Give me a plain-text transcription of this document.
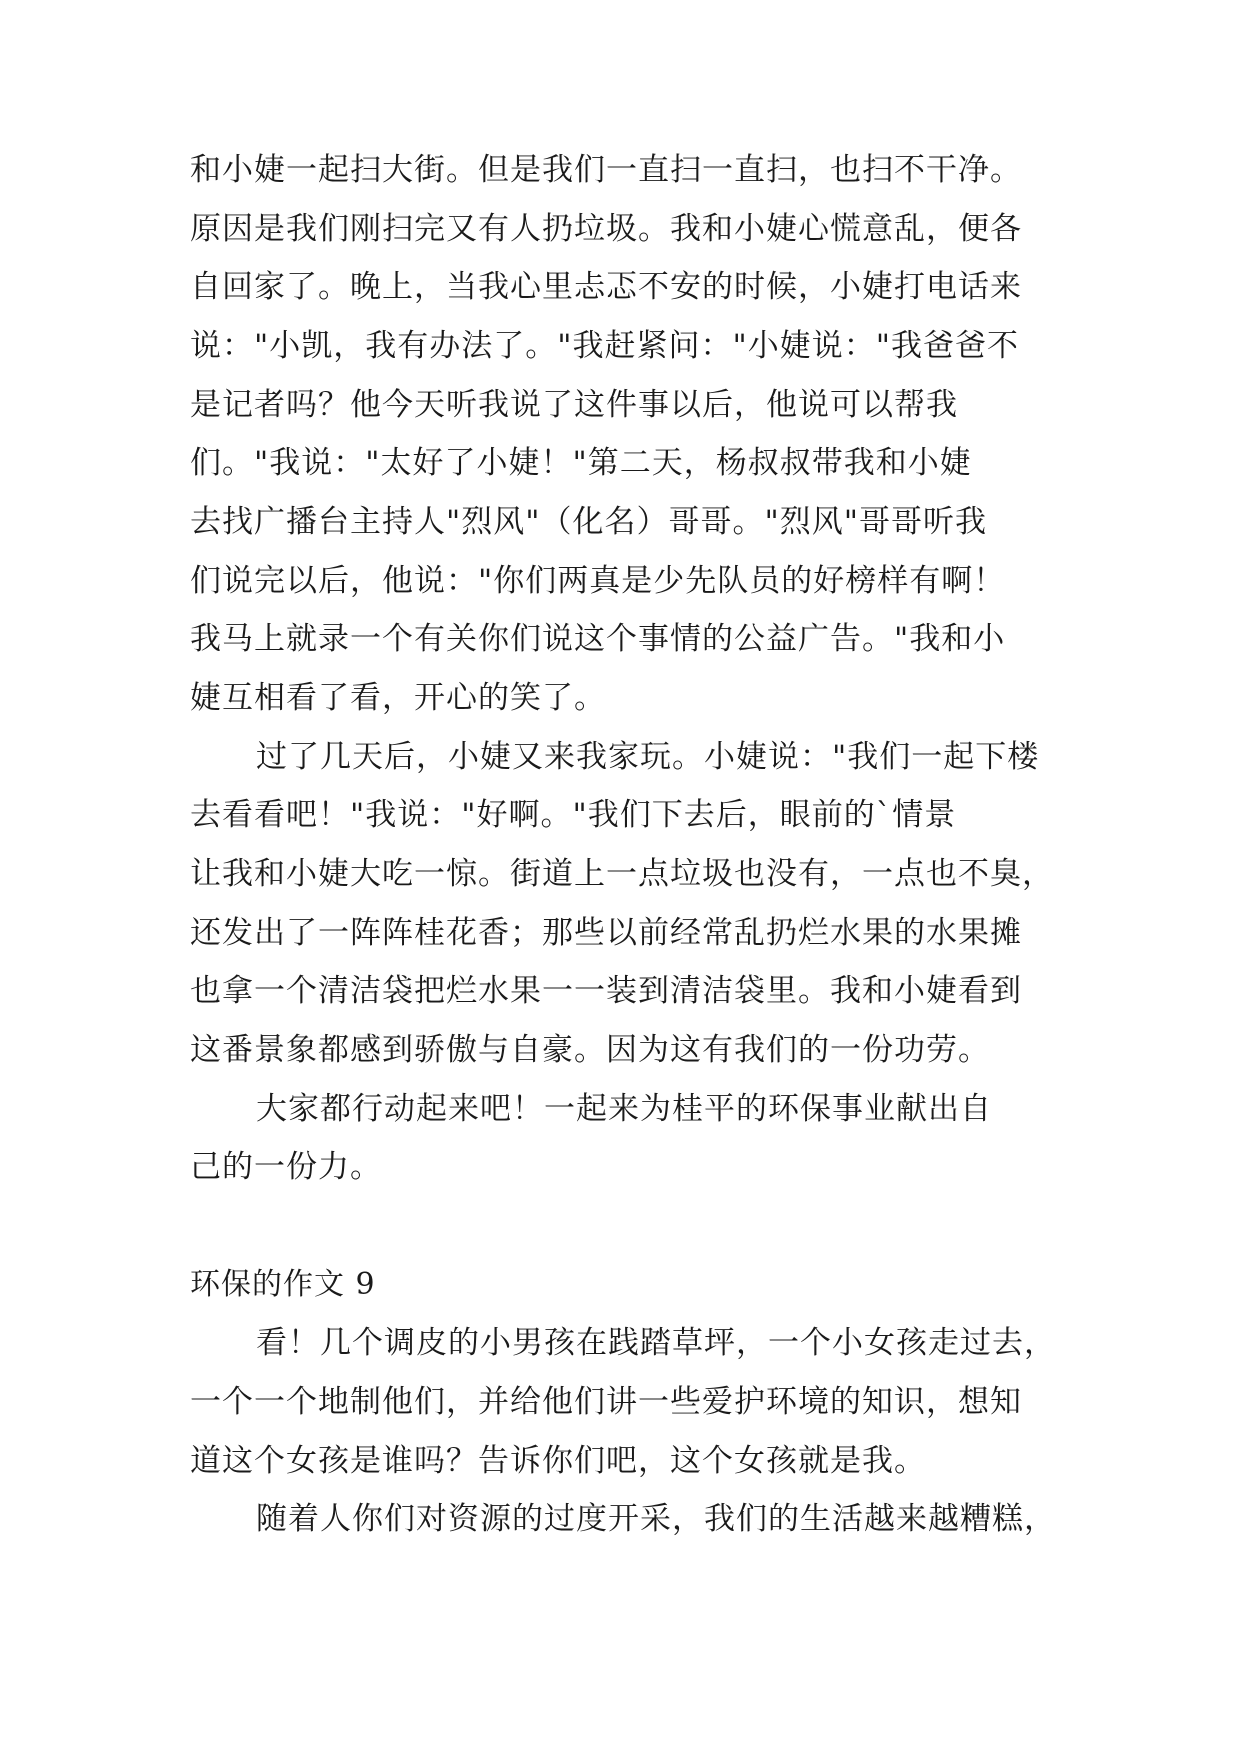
和小婕一起扫大街。但是我们一直扫一直扫，也扫不干净。
原因是我们刚扫完又有人扔垃圾。我和小婕心慌意乱，便各
自回家了。晚上，当我心里忐忑不安的时候，小婕打电话来
说："小凯，我有办法了。"我赶紧问："小婕说："我爸爸不
是记者吗？他今天听我说了这件事以后，他说可以帮我
们。"我说："太好了小婕！"第二天，杨叔叔带我和小婕
去找广播台主持人"烈风"（化名）哥哥。"烈风"哥哥听我
们说完以后，他说："你们两真是少先队员的好榜样有啊！
我马上就录一个有关你们说这个事情的公益广告。"我和小
婕互相看了看，开心的笑了。
过了几天后，小婕又来我家玩。小婕说："我们一起下楼
去看看吧！"我说："好啊。"我们下去后，眼前的`情景
让我和小婕大吃一惊。街道上一点垃圾也没有，一点也不臭，
还发出了一阵阵桂花香；那些以前经常乱扔烂水果的水果摊
也拿一个清洁袋把烂水果一一装到清洁袋里。我和小婕看到
这番景象都感到骄傲与自豪。因为这有我们的一份功劳。
大家都行动起来吧！一起来为桂平的环保事业献出自
己的一份力。
环保的作文 9
看！几个调皮的小男孩在践踏草坪，一个小女孩走过去，
一个一个地制他们，并给他们讲一些爱护环境的知识，想知
道这个女孩是谁吗？告诉你们吧，这个女孩就是我。
随着人你们对资源的过度开采，我们的生活越来越糟糕，
